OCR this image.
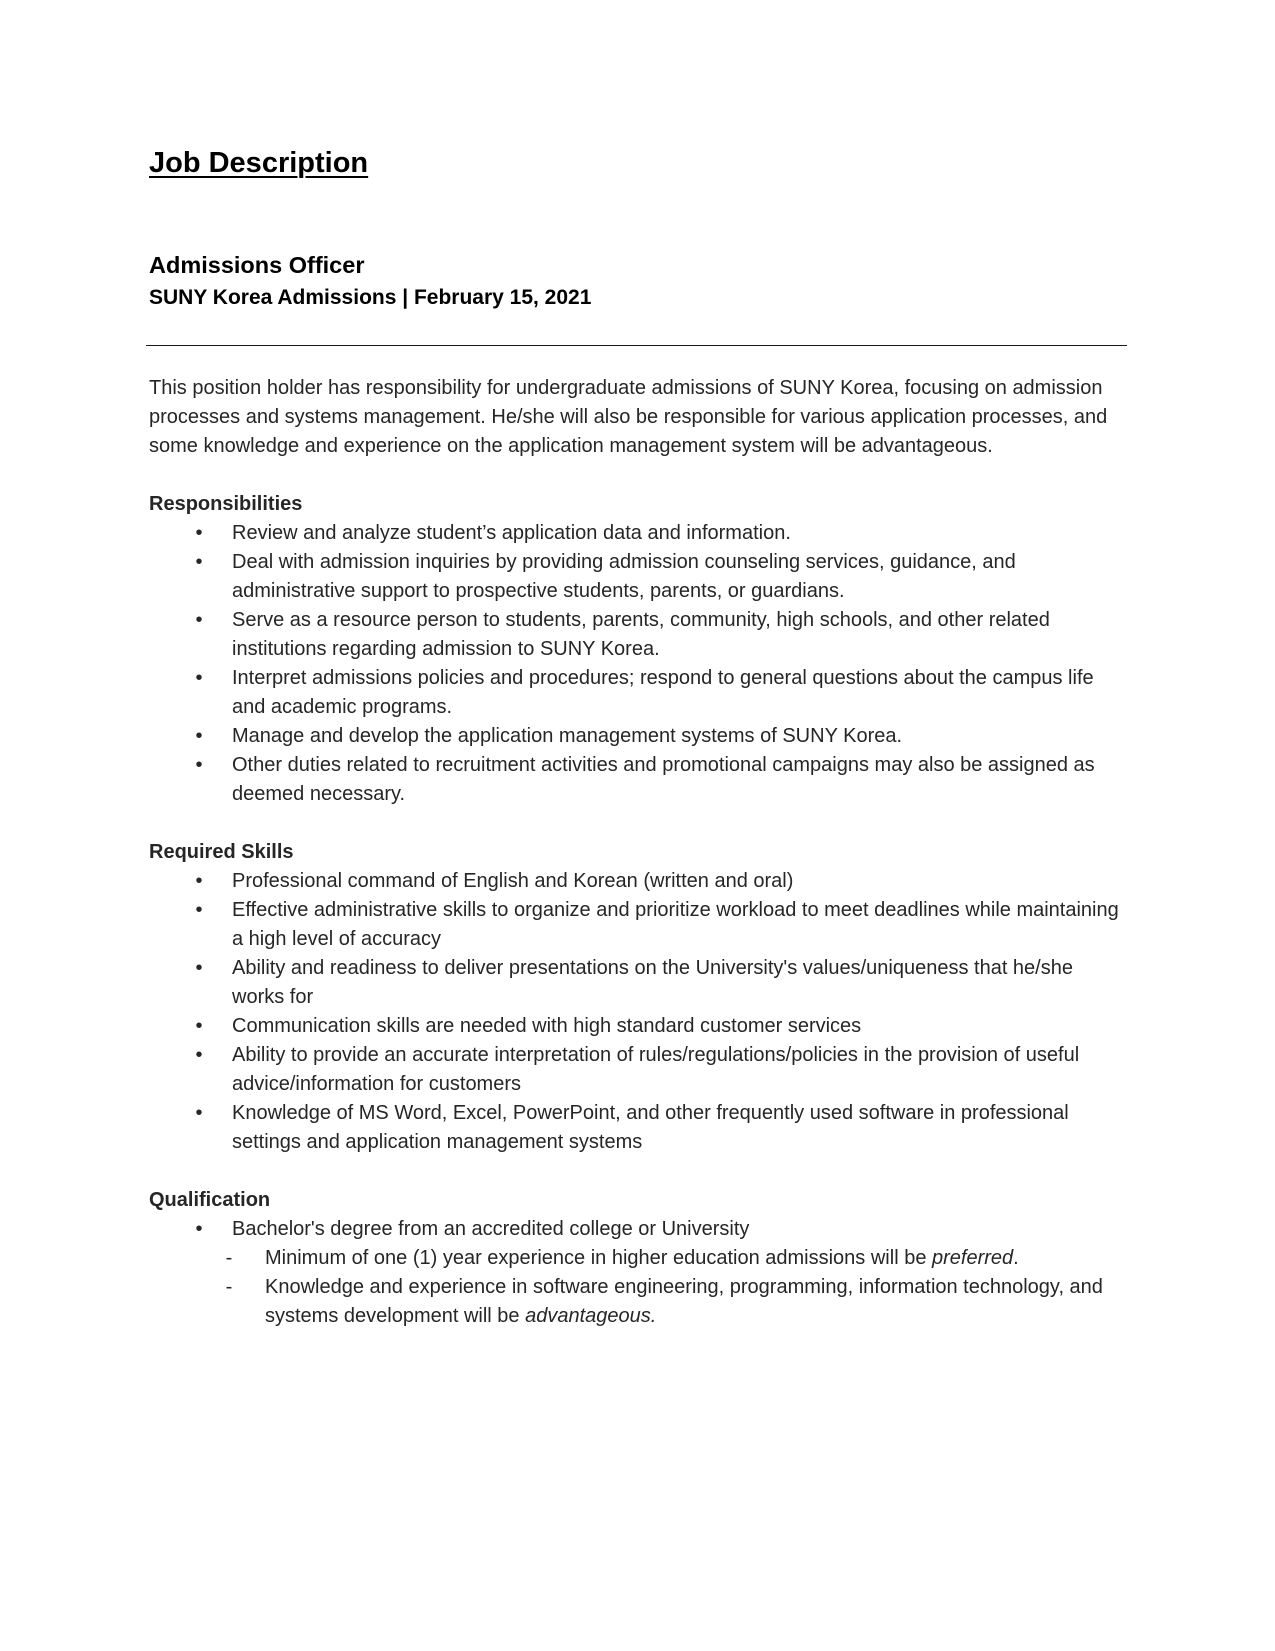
Job Description
Admissions Officer
SUNY Korea Admissions | February 15, 2021

This position holder has responsibility for undergraduate admissions of SUNY Korea, focusing on admission processes and systems management. He/she will also be responsible for various application processes, and some knowledge and experience on the application management system will be advantageous.

Responsibilities
•	Review and analyze student’s application data and information.
•	Deal with admission inquiries by providing admission counseling services, guidance, and administrative support to prospective students, parents, or guardians.
•	Serve as a resource person to students, parents, community, high schools, and other related institutions regarding admission to SUNY Korea.
•	Interpret admissions policies and procedures; respond to general questions about the campus life and academic programs.
•	Manage and develop the application management systems of SUNY Korea.
•	Other duties related to recruitment activities and promotional campaigns may also be assigned as deemed necessary.
Required Skills
•	Professional command of English and Korean (written and oral)
•	Effective administrative skills to organize and prioritize workload to meet deadlines while maintaining a high level of accuracy
•	Ability and readiness to deliver presentations on the University's values/uniqueness that he/she works for
•	Communication skills are needed with high standard customer services
•	Ability to provide an accurate interpretation of rules/regulations/policies in the provision of useful advice/information for customers
•	Knowledge of MS Word, Excel, PowerPoint, and other frequently used software in professional settings and application management systems
Qualification
•	Bachelor's degree from an accredited college or University
- Minimum of one (1) year experience in higher education admissions will be preferred.
- Knowledge and experience in software engineering, programming, information technology, and systems development will be advantageous.
